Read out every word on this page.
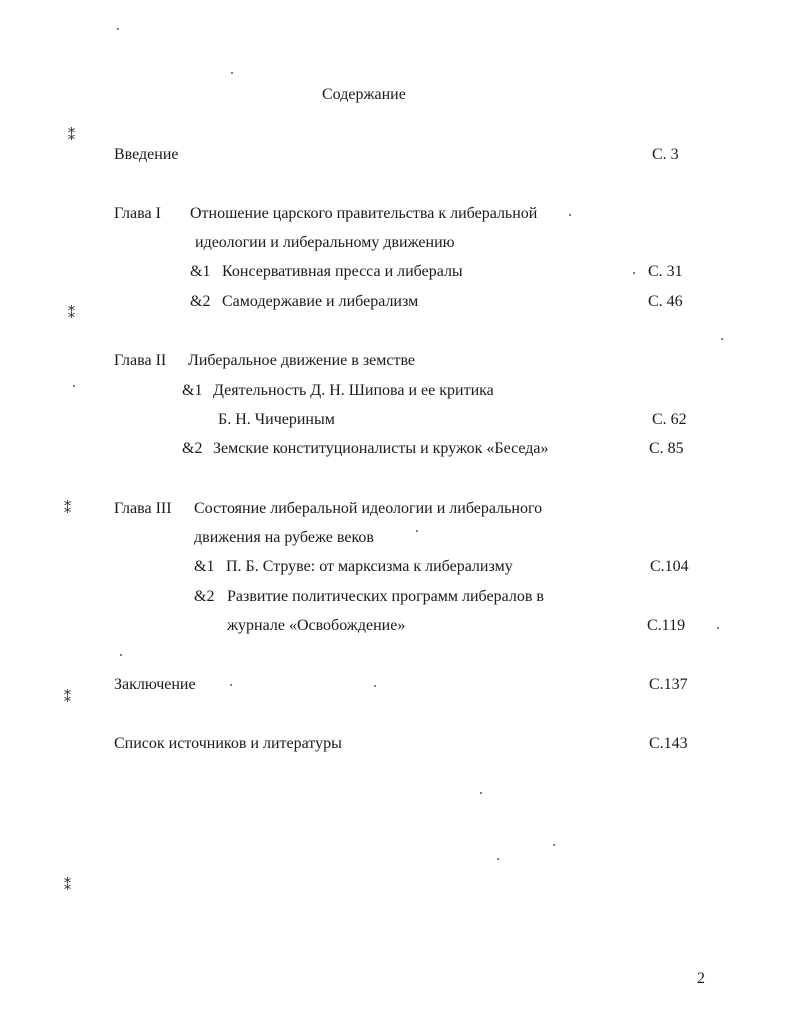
Содержание
Введение	С. 3
Глава I Отношение царского правительства к либеральной
идеологии и либеральному движению
&1 Консервативная пресса и либералы	С. 31
&2 Самодержавие и либерализм	С. 46
Глава II Либеральное движение в земстве
&1 Деятельность Д. Н. Шипова и ее критика
Б. Н. Чичериным	С. 62
&2 Земские конституционалисты и кружок «Беседа»	С. 85
Глава III Состояние либеральной идеологии и либерального
движения на рубеже веков
&1 П. Б. Струве: от марксизма к либерализму	С.104
&2 Развитие политических программ либералов в
журнале «Освобождение»	С.119
Заключение	С.137
Список источников и литературы	С.143
2
⁑
⁑
⁑
⁑
⁑
